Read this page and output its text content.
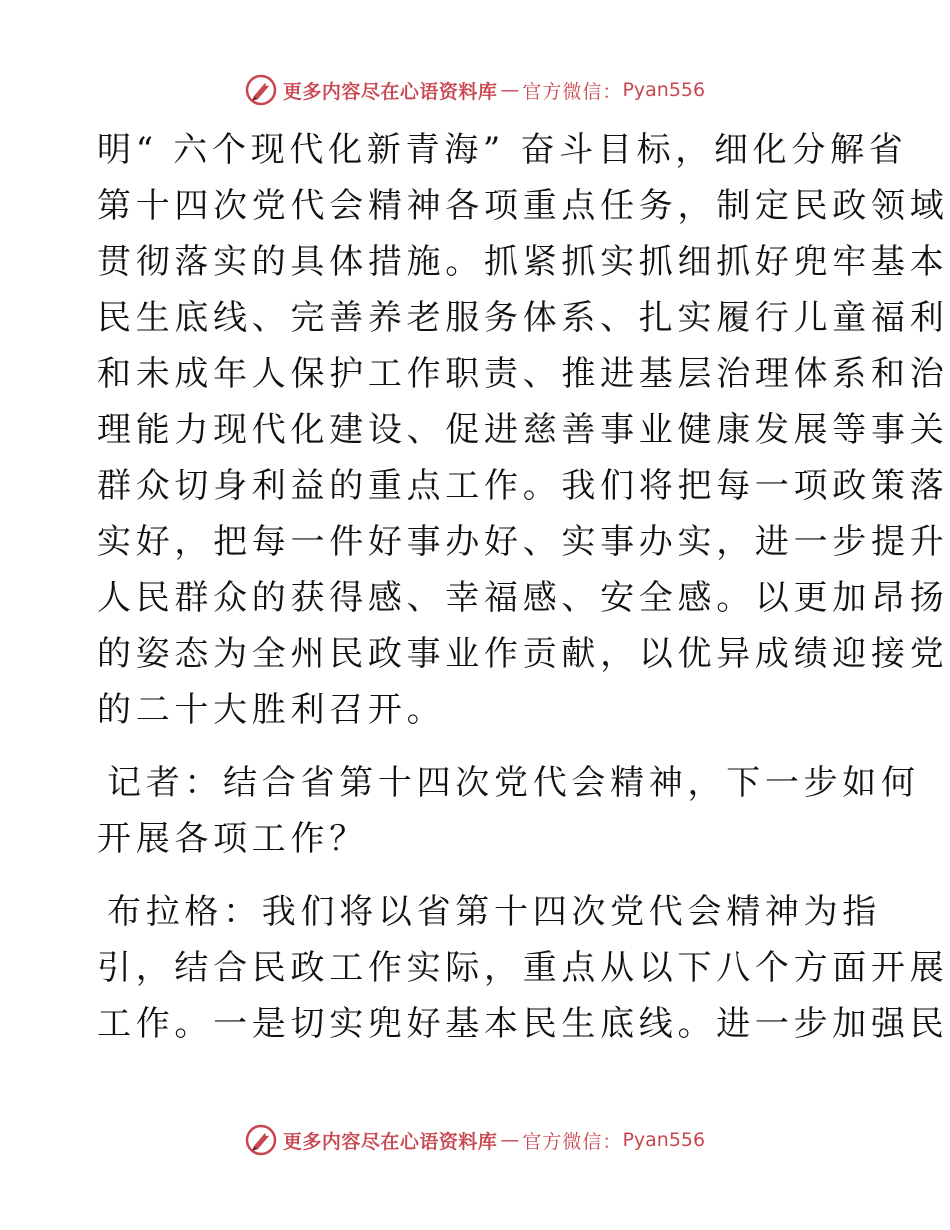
更多内容尽在心语资料库 — 官方微信： Pyan556
明“ 六个现代化新青海” 奋斗目标，细化分解省
第十四次党代会精神各项重点任务，制定民政领域
贯彻落实的具体措施。抓紧抓实抓细抓好兜牢基本
民生底线、完善养老服务体系、扎实履行儿童福利
和未成年人保护工作职责、推进基层治理体系和治
理能力现代化建设、促进慈善事业健康发展等事关
群众切身利益的重点工作。我们将把每一项政策落
实好，把每一件好事办好、实事办实，进一步提升
人民群众的获得感、幸福感、安全感。以更加昂扬
的姿态为全州民政事业作贡献，以优异成绩迎接党
的二十大胜利召开。
记者：结合省第十四次党代会精神，下一步如何
开展各项工作？
布拉格：我们将以省第十四次党代会精神为指
引，结合民政工作实际，重点从以下八个方面开展
工作。一是切实兜好基本民生底线。进一步加强民
更多内容尽在心语资料库 — 官方微信： Pyan556
